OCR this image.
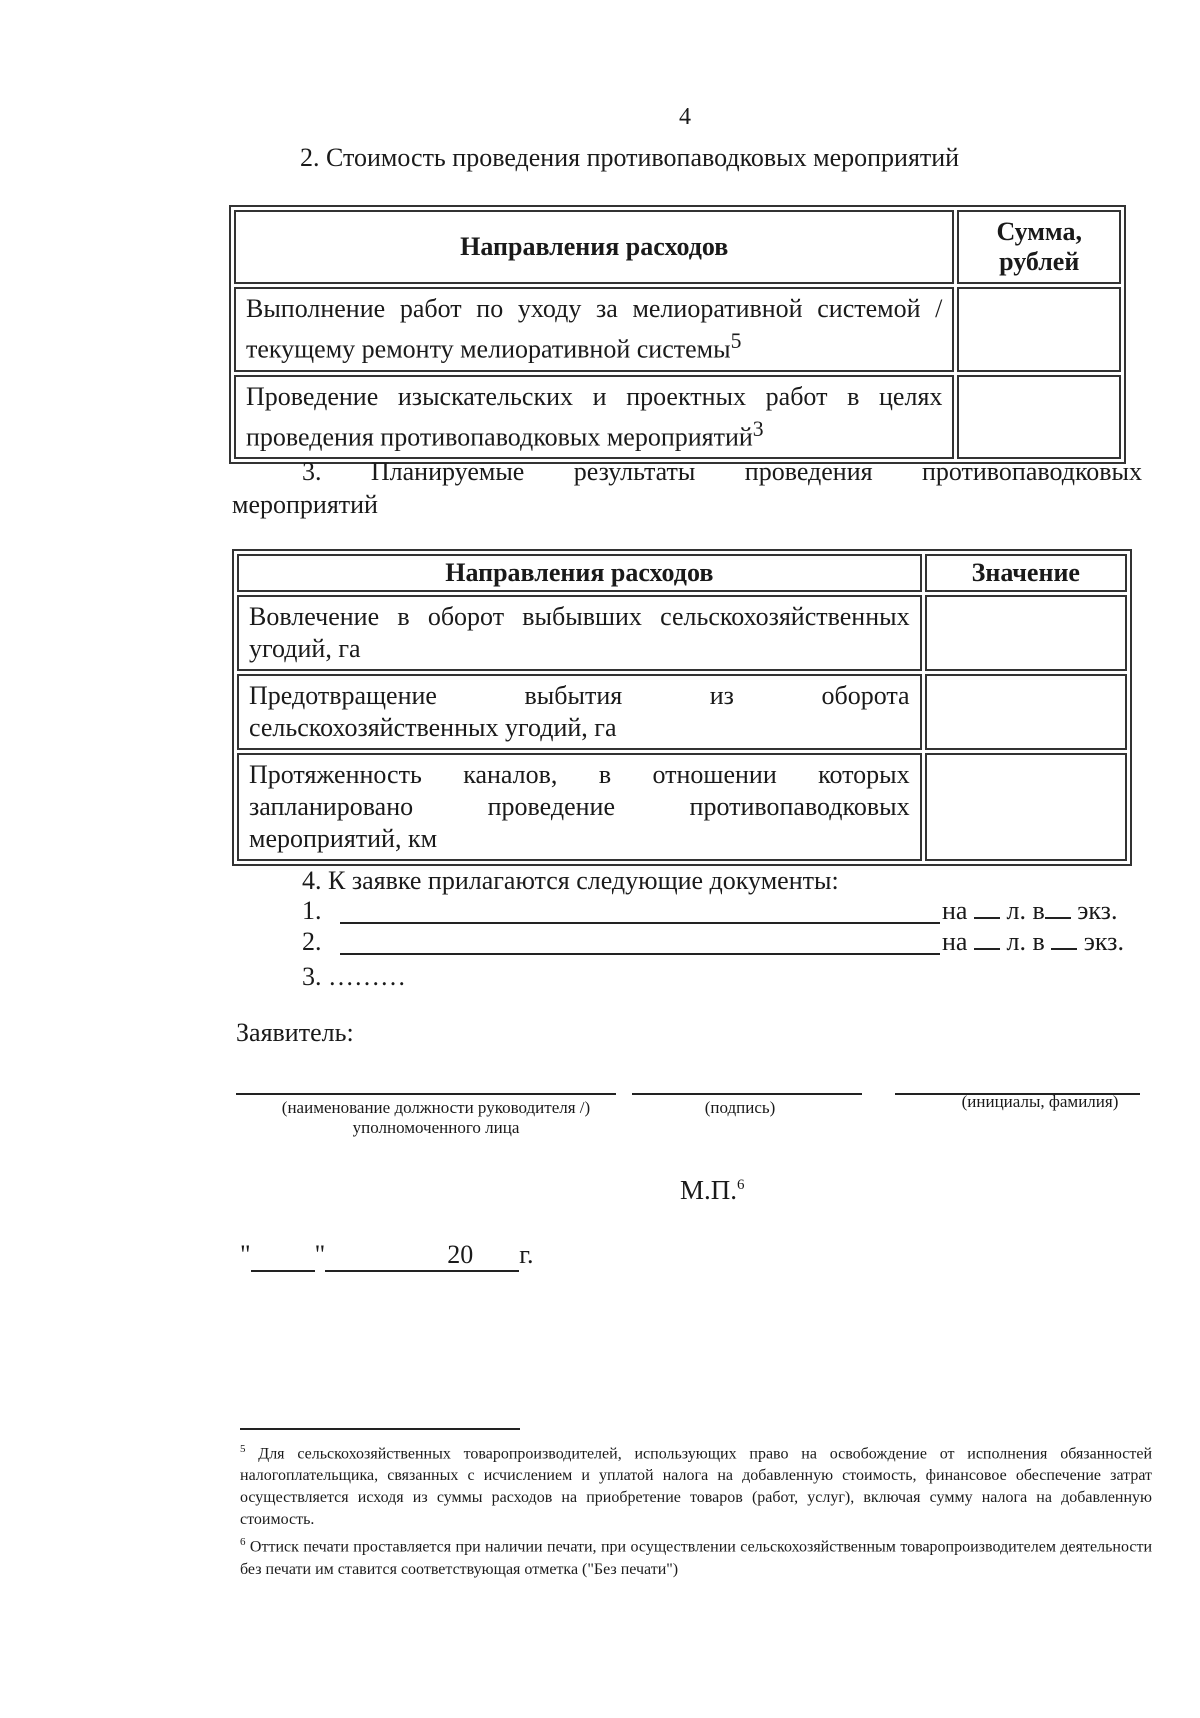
4
2. Стоимость проведения противопаводковых мероприятий
Направления расходов	Сумма,
рублей

Выполнение работ по уходу за мелиоративной системой /
текущему ремонту мелиоративной системы$^5$

Проведение изыскательских и проектных работ в целях
проведения противопаводковых мероприятий$^3$

3. Планируемые результаты проведения противопаводковых
мероприятий
Направления расходов	Значение

Вовлечение в оборот выбывших сельскохозяйственных
угодий, га	

Предотвращение выбытия из оборота
сельскохозяйственных угодий, га	

Протяженность каналов, в отношении которых
запланировано проведение противопаводковых
мероприятий, км	

4. К заявке прилагаются следующие документы:
1.	на л. в экз.
2.	на л. в экз.
3. ………
Заявитель:
(наименование должности руководителя /)
уполномоченного лица
(подпись)	(инициалы, фамилия)
М.П.$^6$
" "	20 г.

$^5$ Для сельскохозяйственных товаропроизводителей, использующих право на освобождение от исполнения обязанностей налогоплательщика, связанных с исчислением и уплатой налога на добавленную стоимость, финансовое обеспечение затрат осуществляется исходя из суммы расходов на приобретение товаров (работ, услуг), включая сумму налога на добавленную стоимость.

$^6$ Оттиск печати проставляется при наличии печати, при осуществлении сельскохозяйственным товаропроизводителем деятельности без печати им ставится соответствующая отметка ("Без печати")
